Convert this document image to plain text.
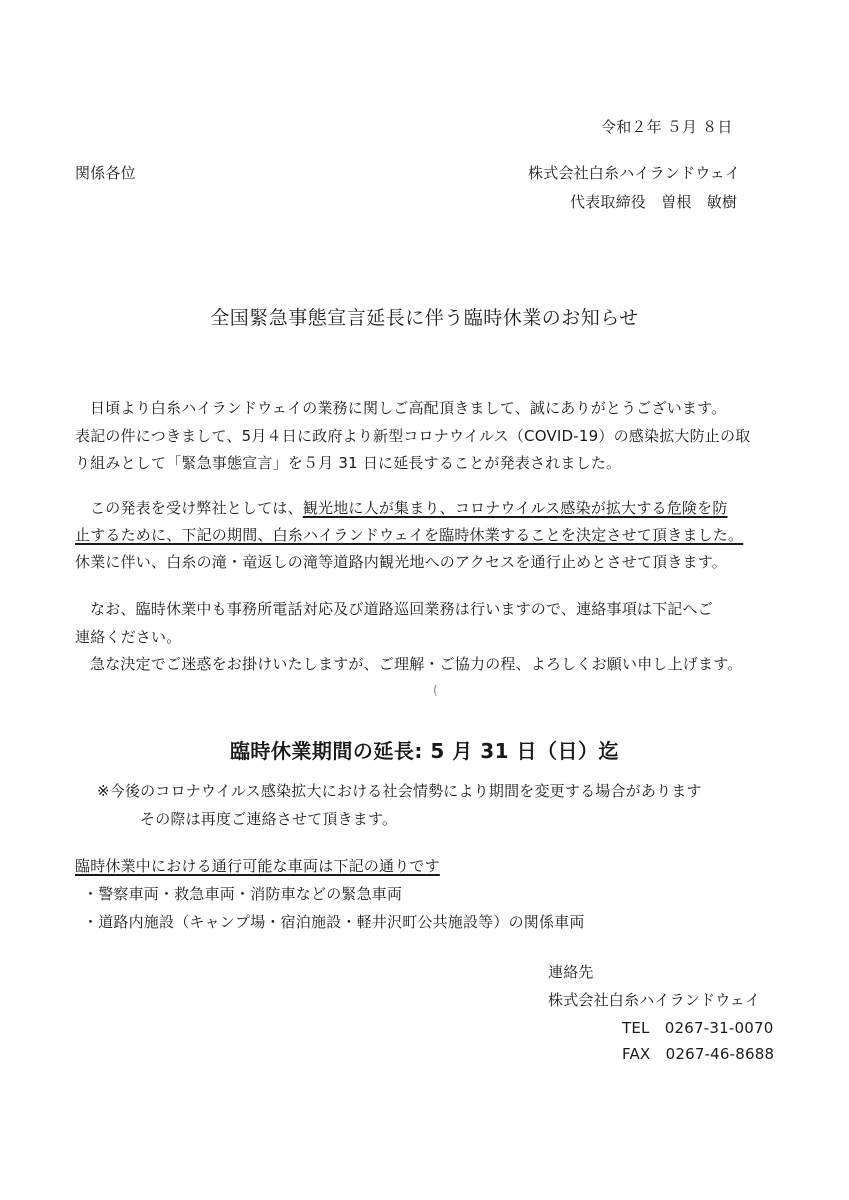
令和２年 ５月 ８日
関係各位	株式会社白糸ハイランドウェイ
代表取締役　曽根　敏樹
全国緊急事態宣言延長に伴う臨時休業のお知らせ
日頃より白糸ハイランドウェイの業務に関しご高配頂きまして、誠にありがとうございます。
表記の件につきまして、5月４日に政府より新型コロナウイルス（COVID-19）の感染拡大防止の取
り組みとして「緊急事態宣言」を５月 31 日に延長することが発表されました。
この発表を受け弊社としては、観光地に人が集まり、コロナウイルス感染が拡大する危険を防
止するために、下記の期間、白糸ハイランドウェイを臨時休業することを決定させて頂きました。
休業に伴い、白糸の滝・竜返しの滝等道路内観光地へのアクセスを通行止めとさせて頂きます。
なお、臨時休業中も事務所電話対応及び道路巡回業務は行いますので、連絡事項は下記へご
連絡ください。
急な決定でご迷惑をお掛けいたしますが、ご理解・ご協力の程、よろしくお願い申し上げます。
(
臨時休業期間の延長: 5 月 31 日（日）迄
※今後のコロナウイルス感染拡大における社会情勢により期間を変更する場合があります
その際は再度ご連絡させて頂きます。
臨時休業中における通行可能な車両は下記の通りです
・警察車両・救急車両・消防車などの緊急車両
・道路内施設（キャンプ場・宿泊施設・軽井沢町公共施設等）の関係車両
連絡先
株式会社白糸ハイランドウェイ
TEL　0267-31-0070
FAX　0267-46-8688
